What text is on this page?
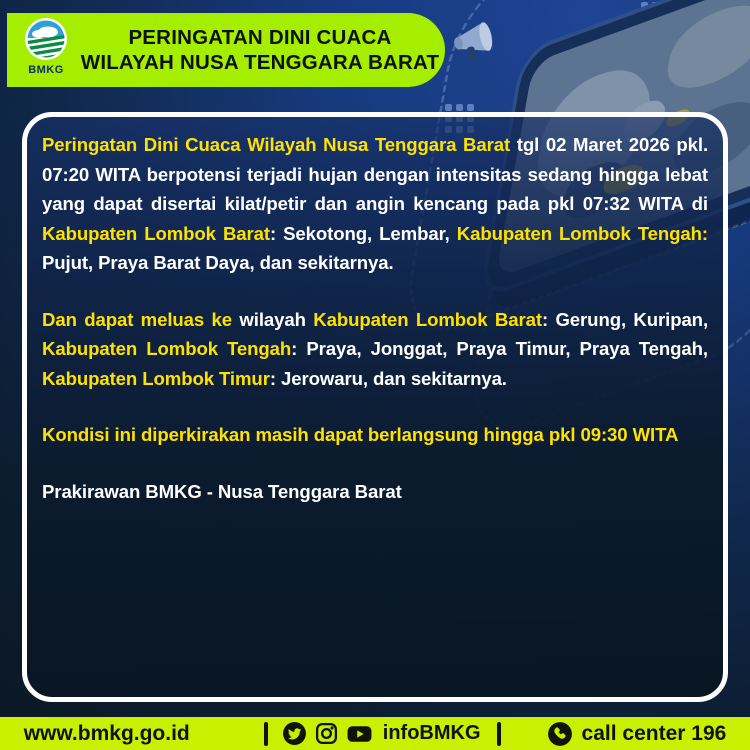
BMKG
PERINGATAN DINI CUACA
WILAYAH NUSA TENGGARA BARAT

Peringatan Dini Cuaca Wilayah Nusa Tenggara Barat tgl 02 Maret 2026 pkl. 07:20 WITA berpotensi terjadi hujan dengan intensitas sedang hingga lebat yang dapat disertai kilat/petir dan angin kencang pada pkl 07:32 WITA di Kabupaten Lombok Barat: Sekotong, Lembar, Kabupaten Lombok Tengah: Pujut, Praya Barat Daya, dan sekitarnya.

Dan dapat meluas ke wilayah Kabupaten Lombok Barat: Gerung, Kuripan, Kabupaten Lombok Tengah: Praya, Jonggat, Praya Timur, Praya Tengah, Kabupaten Lombok Timur: Jerowaru, dan sekitarnya.

Kondisi ini diperkirakan masih dapat berlangsung hingga pkl 09:30 WITA

Prakirawan BMKG - Nusa Tenggara Barat

www.bmkg.go.id	infoBMKG	call center 196
